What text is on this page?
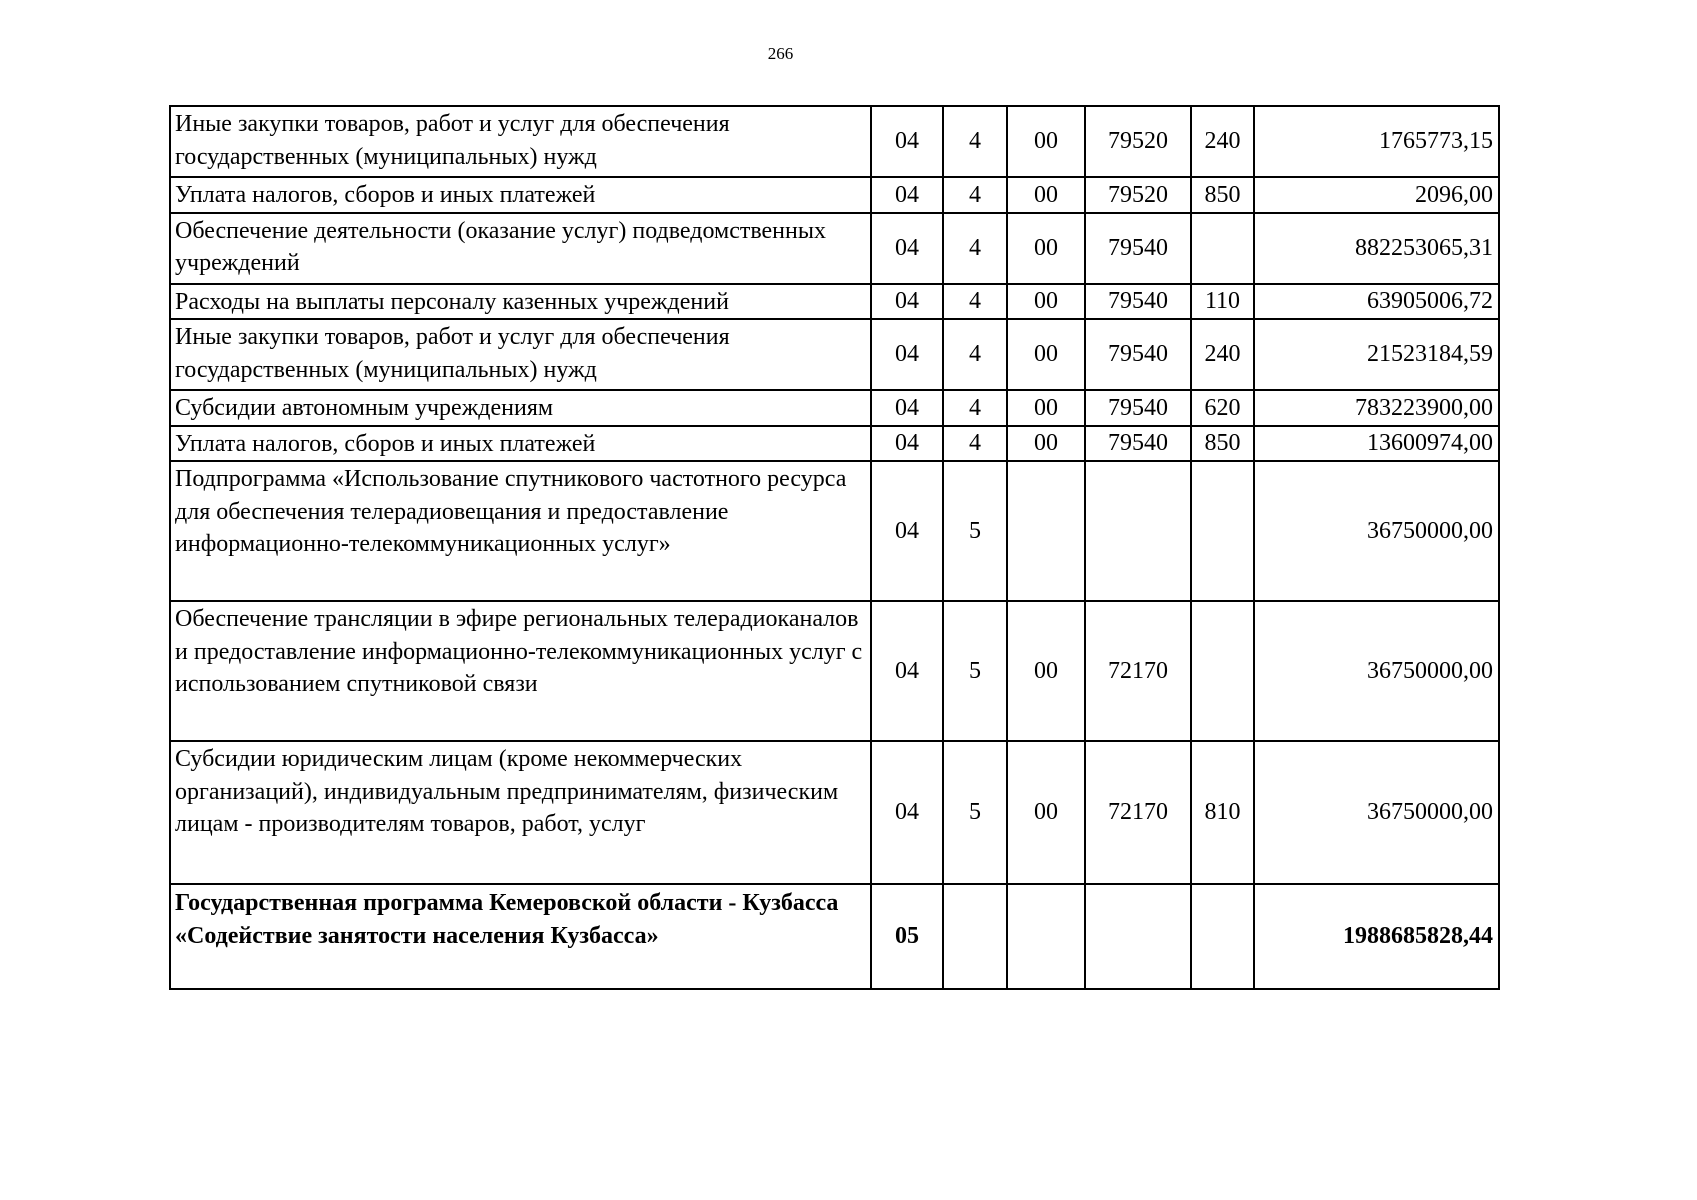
266
Иные закупки товаров, работ и услуг для обеспечения государственных (муниципальных) нужд	04	4	00	79520	240	1765773,15
Уплата налогов, сборов и иных платежей	04	4	00	79520	850	2096,00
Обеспечение деятельности (оказание услуг) подведомственных учреждений	04	4	00	79540		882253065,31
Расходы на выплаты персоналу казенных учреждений	04	4	00	79540	110	63905006,72
Иные закупки товаров, работ и услуг для обеспечения государственных (муниципальных) нужд	04	4	00	79540	240	21523184,59
Субсидии автономным учреждениям	04	4	00	79540	620	783223900,00
Уплата налогов, сборов и иных платежей	04	4	00	79540	850	13600974,00
Подпрограмма «Использование спутникового частотного ресурса для обеспечения телерадиовещания и предоставление информационно-телекоммуникационных услуг»	04	5				36750000,00
Обеспечение трансляции в эфире региональных телерадиоканалов и предоставление информационно-телекоммуникационных услуг с использованием спутниковой связи	04	5	00	72170		36750000,00
Субсидии юридическим лицам (кроме некоммерческих организаций), индивидуальным предпринимателям, физическим лицам - производителям товаров, работ, услуг	04	5	00	72170	810	36750000,00
Государственная программа Кемеровской области - Кузбасса «Содействие занятости населения Кузбасса»	05					1988685828,44
